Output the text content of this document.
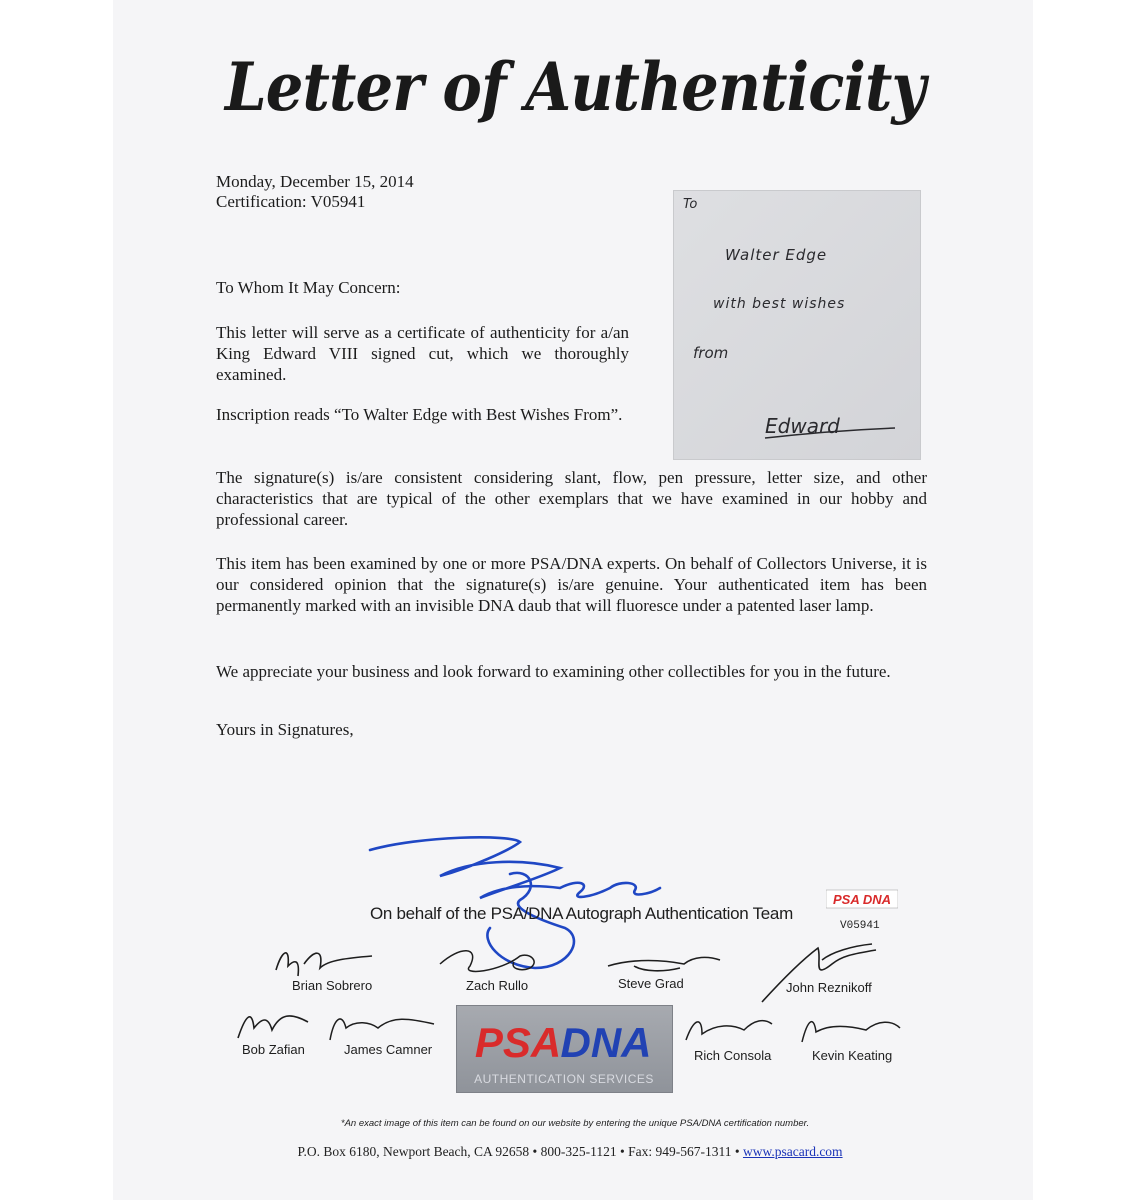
Letter of Authenticity
Monday, December 15, 2014
Certification: V05941	To
Walter Edge
with best wishes
from
Edward
To Whom It May Concern:

This letter will serve as a certificate of authenticity for a/an King Edward VIII signed cut, which we thoroughly examined.

Inscription reads “To Walter Edge with Best Wishes From”.

The signature(s) is/are consistent considering slant, flow, pen pressure, letter size, and other characteristics that are typical of the other exemplars that we have examined in our hobby and professional career.

This item has been examined by one or more PSA/DNA experts. On behalf of Collectors Universe, it is our considered opinion that the signature(s) is/are genuine. Your authenticated item has been permanently marked with an invisible DNA daub that will fluoresce under a patented laser lamp.

We appreciate your business and look forward to examining other collectibles for you in the future.

Yours in Signatures,
On behalf of the PSA/DNA Autograph Authentication Team
PSA DNA
V05941
Brian Sobrero	Zach Rullo	Steve Grad	John Reznikoff
Bob Zafian	James Camner	Rich Consola	Kevin Keating
PSA DNA
AUTHENTICATION SERVICES
*An exact image of this item can be found on our website by entering the unique PSA/DNA certification number.
P.O. Box 6180, Newport Beach, CA 92658 • 800-325-1121 • Fax: 949-567-1311 • www.psacard.com
